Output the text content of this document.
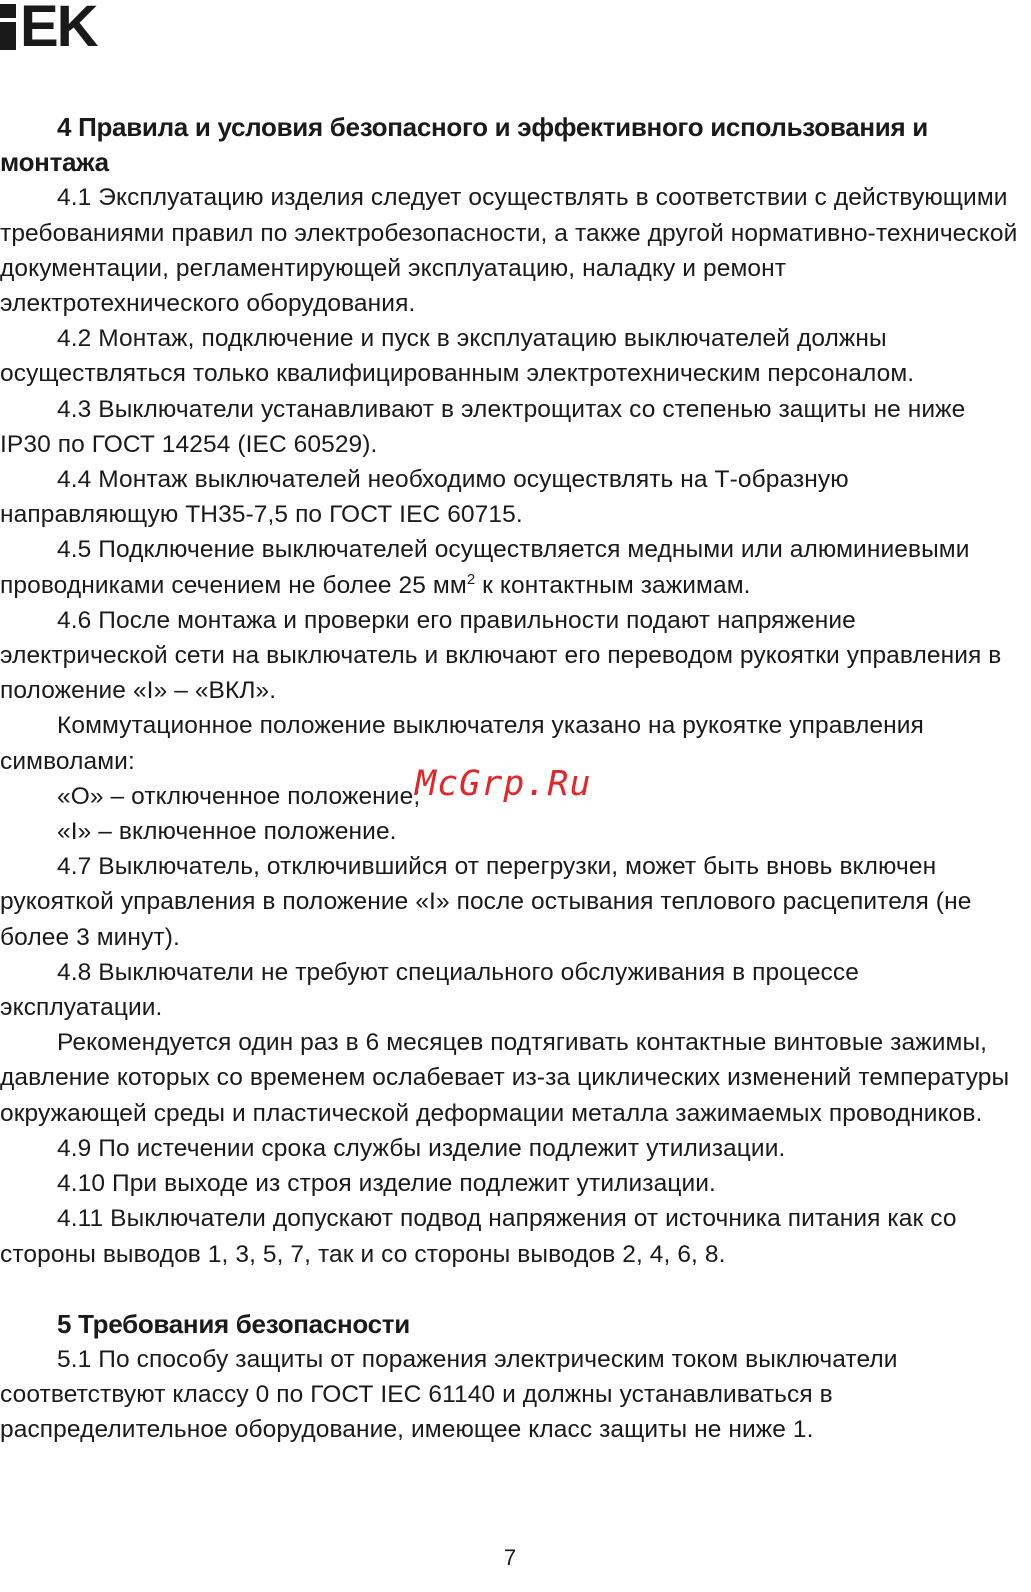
EK

4 Правила и условия безопасного и эффективного использования и монтажа

4.1 Эксплуатацию изделия следует осуществлять в соответствии с действующими требованиями правил по электробезопасности, а также другой нормативно-технической документации, регламентирующей эксплуатацию, наладку и ремонт электротехнического оборудования.

4.2 Монтаж, подключение и пуск в эксплуатацию выключателей должны осуществляться только квалифицированным электротехническим персоналом.

4.3 Выключатели устанавливают в электрощитах со степенью защиты не ниже IP30 по ГОСТ 14254 (IEC 60529).

4.4 Монтаж выключателей необходимо осуществлять на Т-образную направляющую ТН35-7,5 по ГОСТ IEC 60715.

4.5 Подключение выключателей осуществляется медными или алюминиевыми проводниками сечением не более 25 $мм^2$ к контактным зажимам.

4.6 После монтажа и проверки его правильности подают напряжение электрической сети на выключатель и включают его переводом рукоятки управления в положение «I» – «ВКЛ».

Коммутационное положение выключателя указано на рукоятке управления символами:

«O» – отключенное положение;

«I» – включенное положение.

4.7 Выключатель, отключившийся от перегрузки, может быть вновь включен рукояткой управления в положение «I» после остывания теплового расцепителя (не более 3 минут).

4.8 Выключатели не требуют специального обслуживания в процессе эксплуатации.

Рекомендуется один раз в 6 месяцев подтягивать контактные винтовые зажимы, давление которых со временем ослабевает из-за циклических изменений температуры окружающей среды и пластической деформации металла зажимаемых проводников.

4.9 По истечении срока службы изделие подлежит утилизации.

4.10 При выходе из строя изделие подлежит утилизации.

4.11 Выключатели допускают подвод напряжения от источника питания как со стороны выводов 1, 3, 5, 7, так и со стороны выводов 2, 4, 6, 8.

5 Требования безопасности

5.1 По способу защиты от поражения электрическим током выключатели соответствуют классу 0 по ГОСТ IEC 61140 и должны устанавливаться в распределительное оборудование, имеющее класс защиты не ниже 1.

McGrp.Ru
7
